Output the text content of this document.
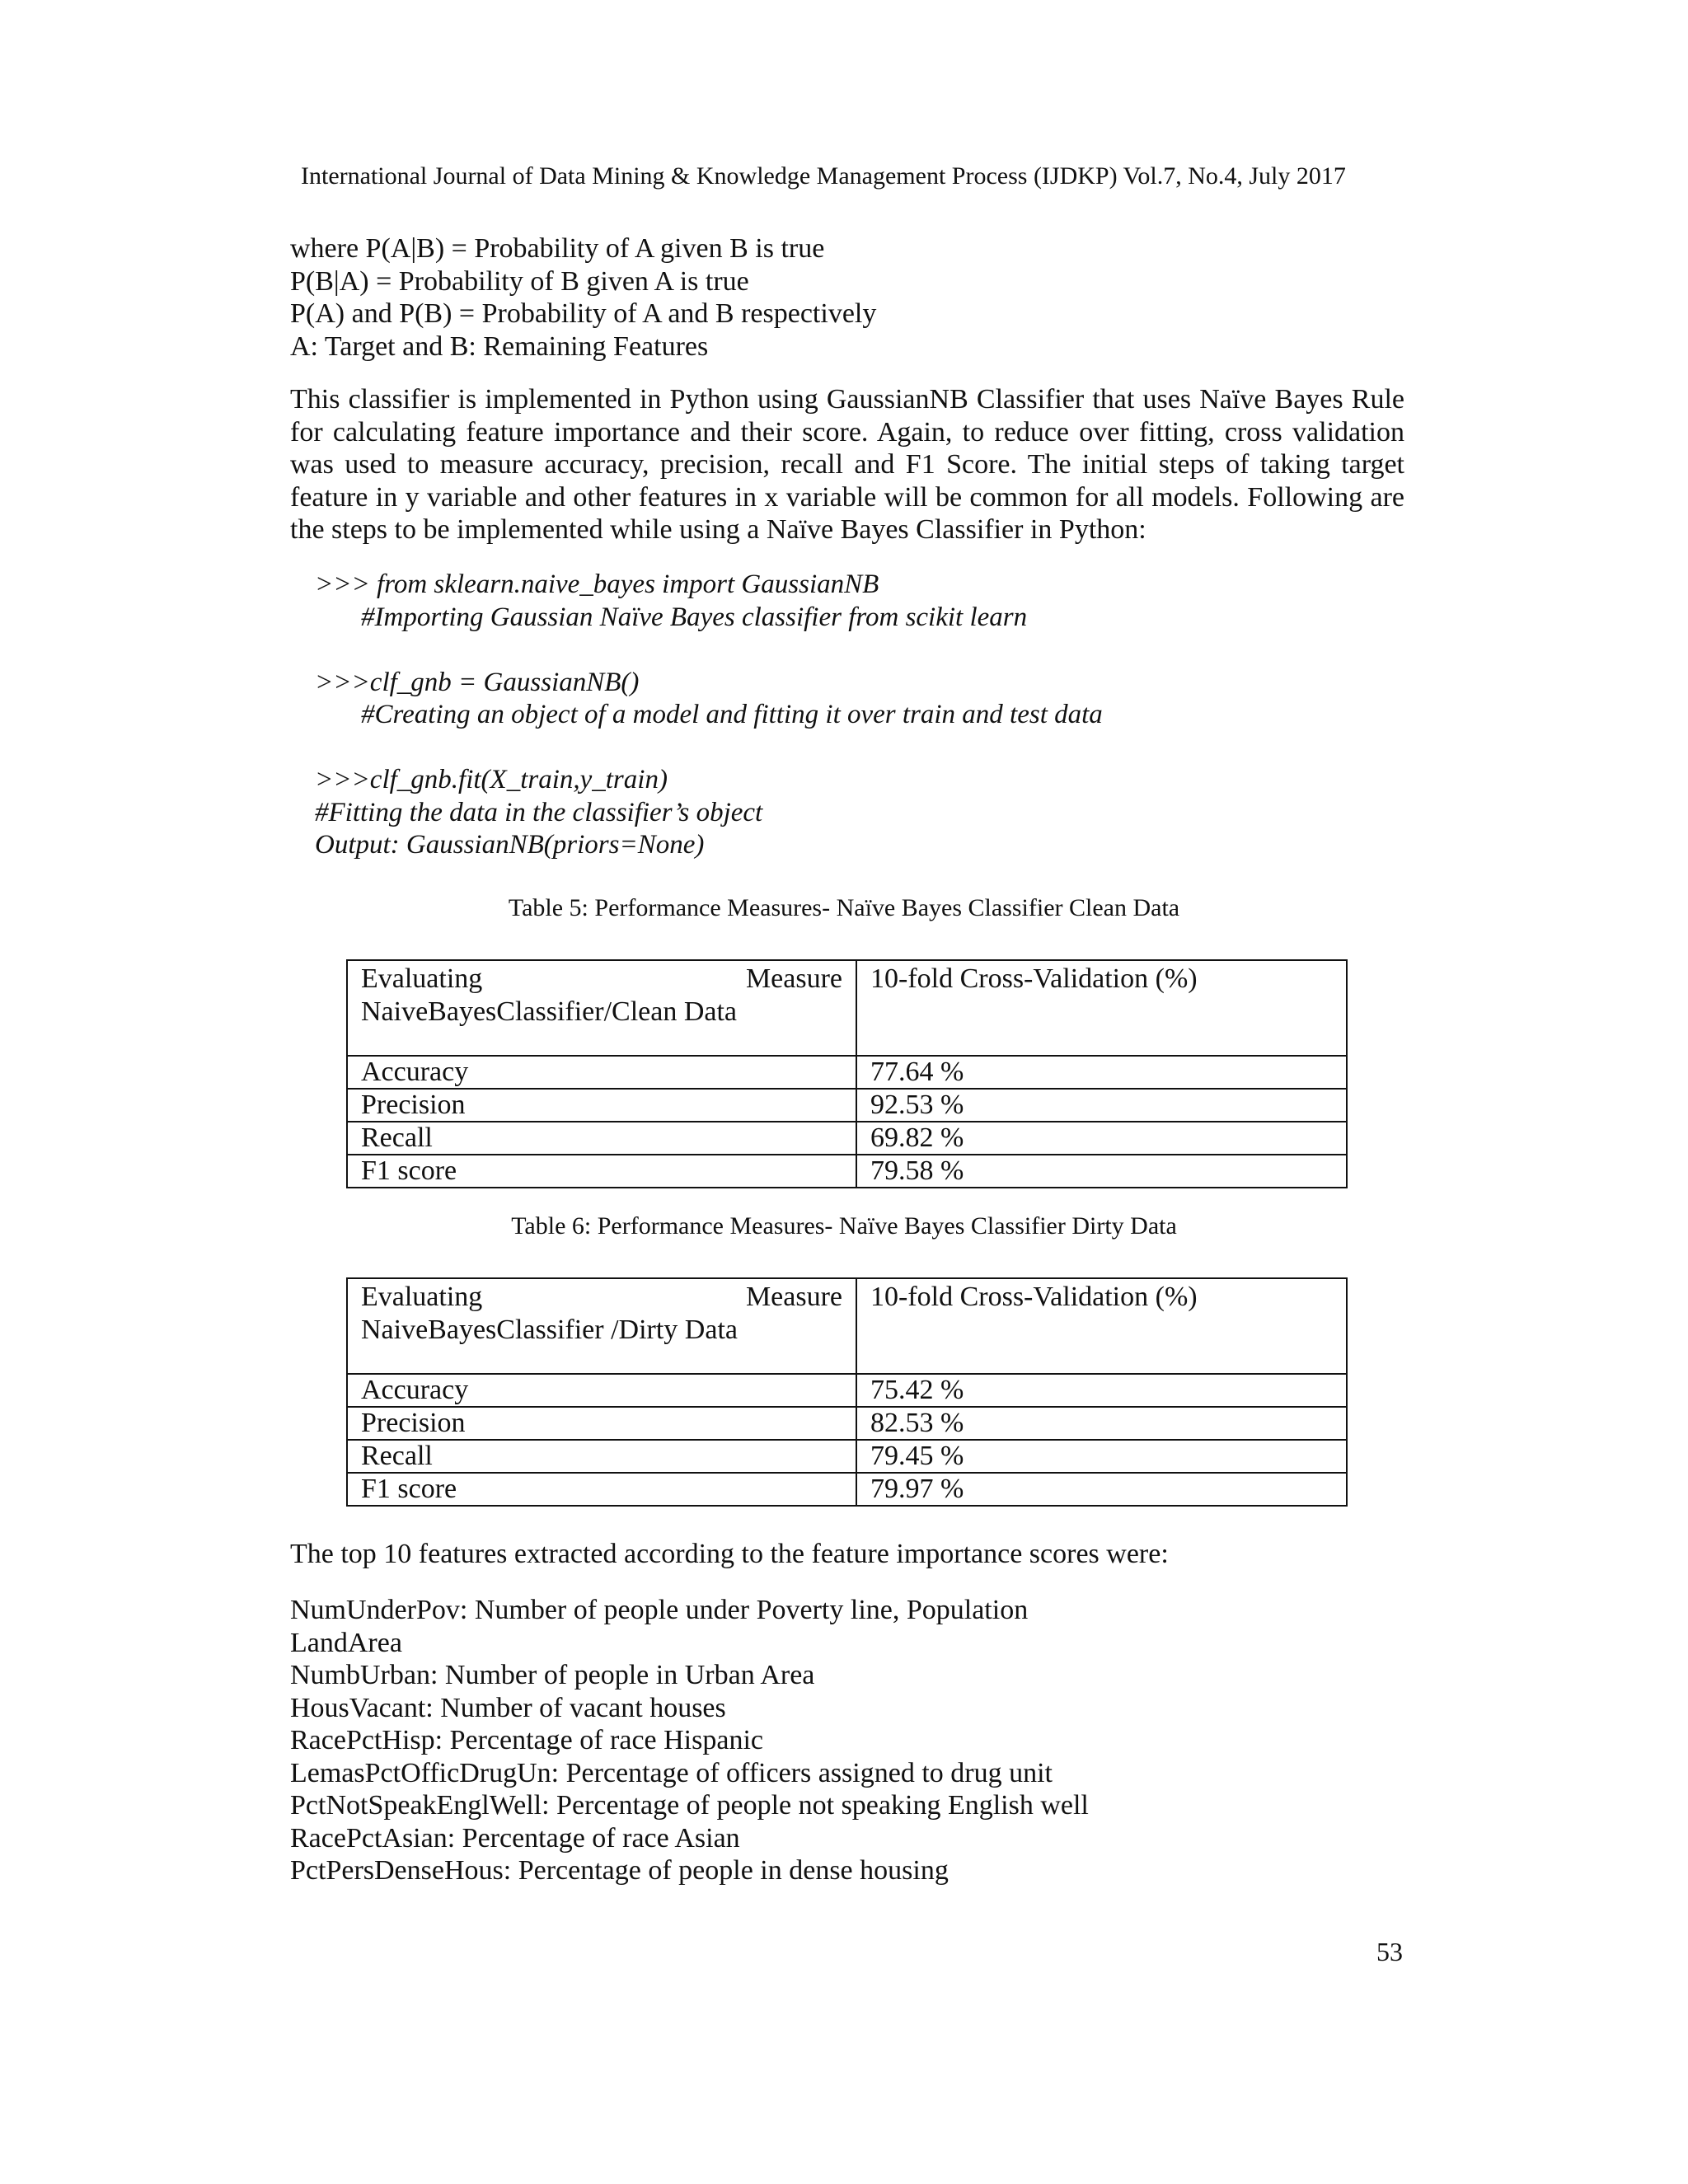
International Journal of Data Mining & Knowledge Management Process (IJDKP) Vol.7, No.4, July 2017
where P(A|B) = Probability of A given B is true
P(B|A) = Probability of B given A is true
P(A) and P(B) = Probability of A and B respectively
A: Target and B: Remaining Features
This classifier is implemented in Python using GaussianNB Classifier that uses Naïve Bayes Rule for calculating feature importance and their score. Again, to reduce over fitting, cross validation was used to measure accuracy, precision, recall and F1 Score. The initial steps of taking target feature in y variable and other features in x variable will be common for all models. Following are the steps to be implemented while using a Naïve Bayes Classifier in Python:
>>> from sklearn.naive_bayes import GaussianNB
#Importing Gaussian Naïve Bayes classifier from scikit learn
>>>clf_gnb = GaussianNB()
#Creating an object of a model and fitting it over train and test data
>>>clf_gnb.fit(X_train,y_train)
#Fitting the data in the classifier’s object
Output: GaussianNB(priors=None)
Table 5: Performance Measures- Naïve Bayes Classifier Clean Data
Evaluating Measure
NaiveBayesClassifier/Clean Data	10-fold Cross-Validation (%)
Accuracy	77.64 %
Precision	92.53 %
Recall	69.82 %
F1 score	79.58 %
Table 6: Performance Measures- Naïve Bayes Classifier Dirty Data
Evaluating Measure
NaiveBayesClassifier /Dirty Data	10-fold Cross-Validation (%)
Accuracy	75.42 %
Precision	82.53 %
Recall	79.45 %
F1 score	79.97 %
The top 10 features extracted according to the feature importance scores were:
NumUnderPov: Number of people under Poverty line, Population
LandArea
NumbUrban: Number of people in Urban Area
HousVacant: Number of vacant houses
RacePctHisp: Percentage of race Hispanic
LemasPctOfficDrugUn: Percentage of officers assigned to drug unit
PctNotSpeakEnglWell: Percentage of people not speaking English well
RacePctAsian: Percentage of race Asian
PctPersDenseHous: Percentage of people in dense housing
53
